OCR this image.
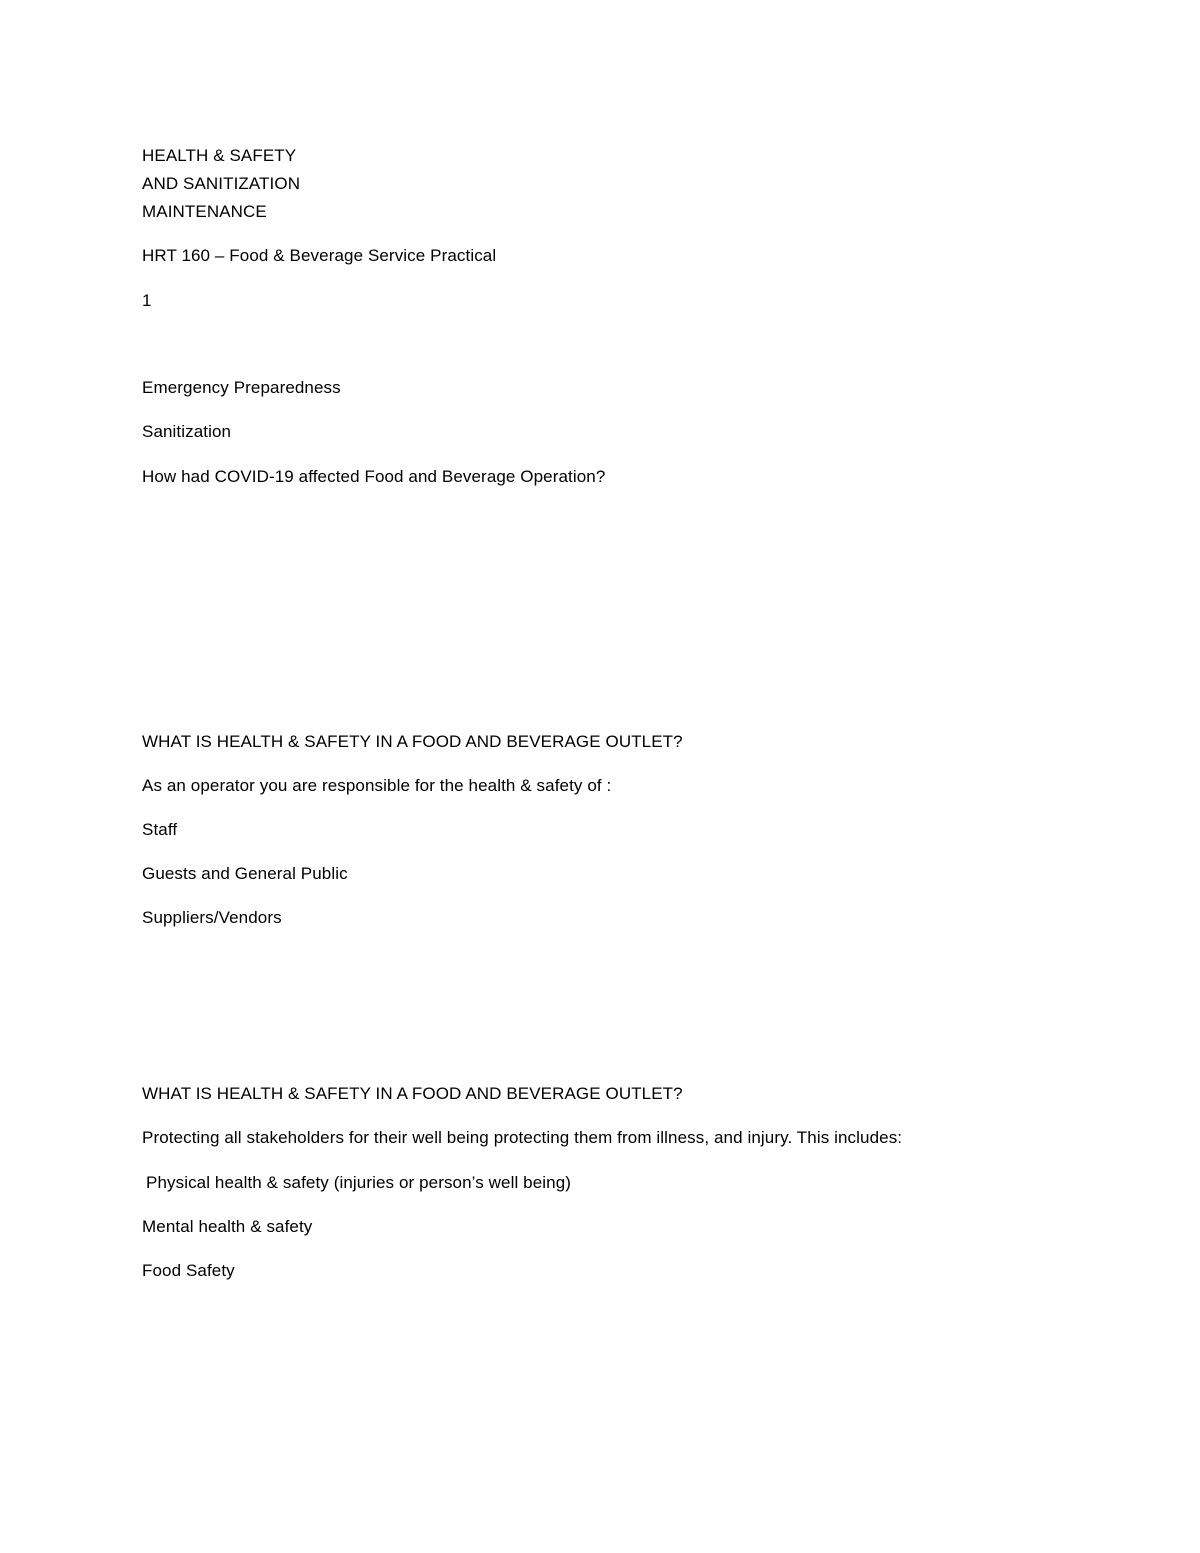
HEALTH & SAFETY
AND SANITIZATION
MAINTENANCE
HRT 160 – Food & Beverage Service Practical
1
Emergency Preparedness
Sanitization
How had COVID-19 affected Food and Beverage Operation?
WHAT IS HEALTH & SAFETY IN A FOOD AND BEVERAGE OUTLET?
As an operator you are responsible for the health & safety of :
Staff
Guests and General Public
Suppliers/Vendors
WHAT IS HEALTH & SAFETY IN A FOOD AND BEVERAGE OUTLET?
Protecting all stakeholders for their well being protecting them from illness, and injury. This includes:
Physical health & safety (injuries or person’s well being)
Mental health & safety
Food Safety
